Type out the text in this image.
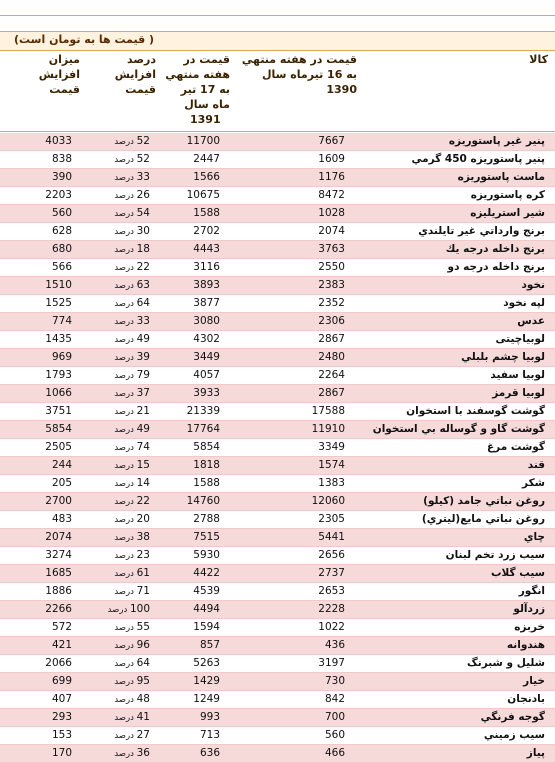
( قیمت ها به تومان است)
کالا
قیمت در هفته منتهي به 16 تيرماه سال 1390
قیمت در هفته منتهي به 17 تیر ماه سال
1391
درصد افزایش قیمت
میزان افزایش قیمت
پنیر غیر پاستوریزه
7667
11700
52 درصد
4033
پنیر پاستوریزه 450 گرمي
1609
2447
52 درصد
838
ماست پاستوریزه
1176
1566
33 درصد
390
کره پاستوریزه
8472
10675
26 درصد
2203
شیر استریلیزه
1028
1588
54 درصد
560
برنج وارداتي غیر تايلندي
2074
2702
30 درصد
628
برنج داخله درجه يك
3763
4443
18 درصد
680
برنج داخله درجه دو
2550
3116
22 درصد
566
نخود
2383
3893
63 درصد
1510
لپه نخود
2352
3877
64 درصد
1525
عدس
2306
3080
33 درصد
774
لوبیاچیتی
2867
4302
49 درصد
1435
لوبیا چشم بلبلي
2480
3449
39 درصد
969
لوبیا سفید
2264
4057
79 درصد
1793
لوبیا قرمز
2867
3933
37 درصد
1066
گوشت گوسفند با استخوان
17588
21339
21 درصد
3751
گوشت گاو و گوساله بي استخوان
11910
17764
49 درصد
5854
گوشت مرغ
3349
5854
74 درصد
2505
قند
1574
1818
15 درصد
244
شکر
1383
1588
14 درصد
205
روغن نباتي جامد (كيلو)
12060
14760
22 درصد
2700
روغن نباتي مایع(لیتري)
2305
2788
20 درصد
483
چاي
5441
7515
38 درصد
2074
سیب زرد تخم لبنان
2656
5930
23 درصد
3274
سیب گلاب
2737
4422
61 درصد
1685
انگور
2653
4539
71 درصد
1886
زردآلو
2228
4494
100 درصد
2266
خربزه
1022
1594
55 درصد
572
هندوانه
436
857
96 درصد
421
شلیل و شبرنگ
3197
5263
64 درصد
2066
خیار
730
1429
95 درصد
699
بادنجان
842
1249
48 درصد
407
گوجه فرنگي
700
993
41 درصد
293
سیب زمیني
560
713
27 درصد
153
پیاز
466
636
36 درصد
170
